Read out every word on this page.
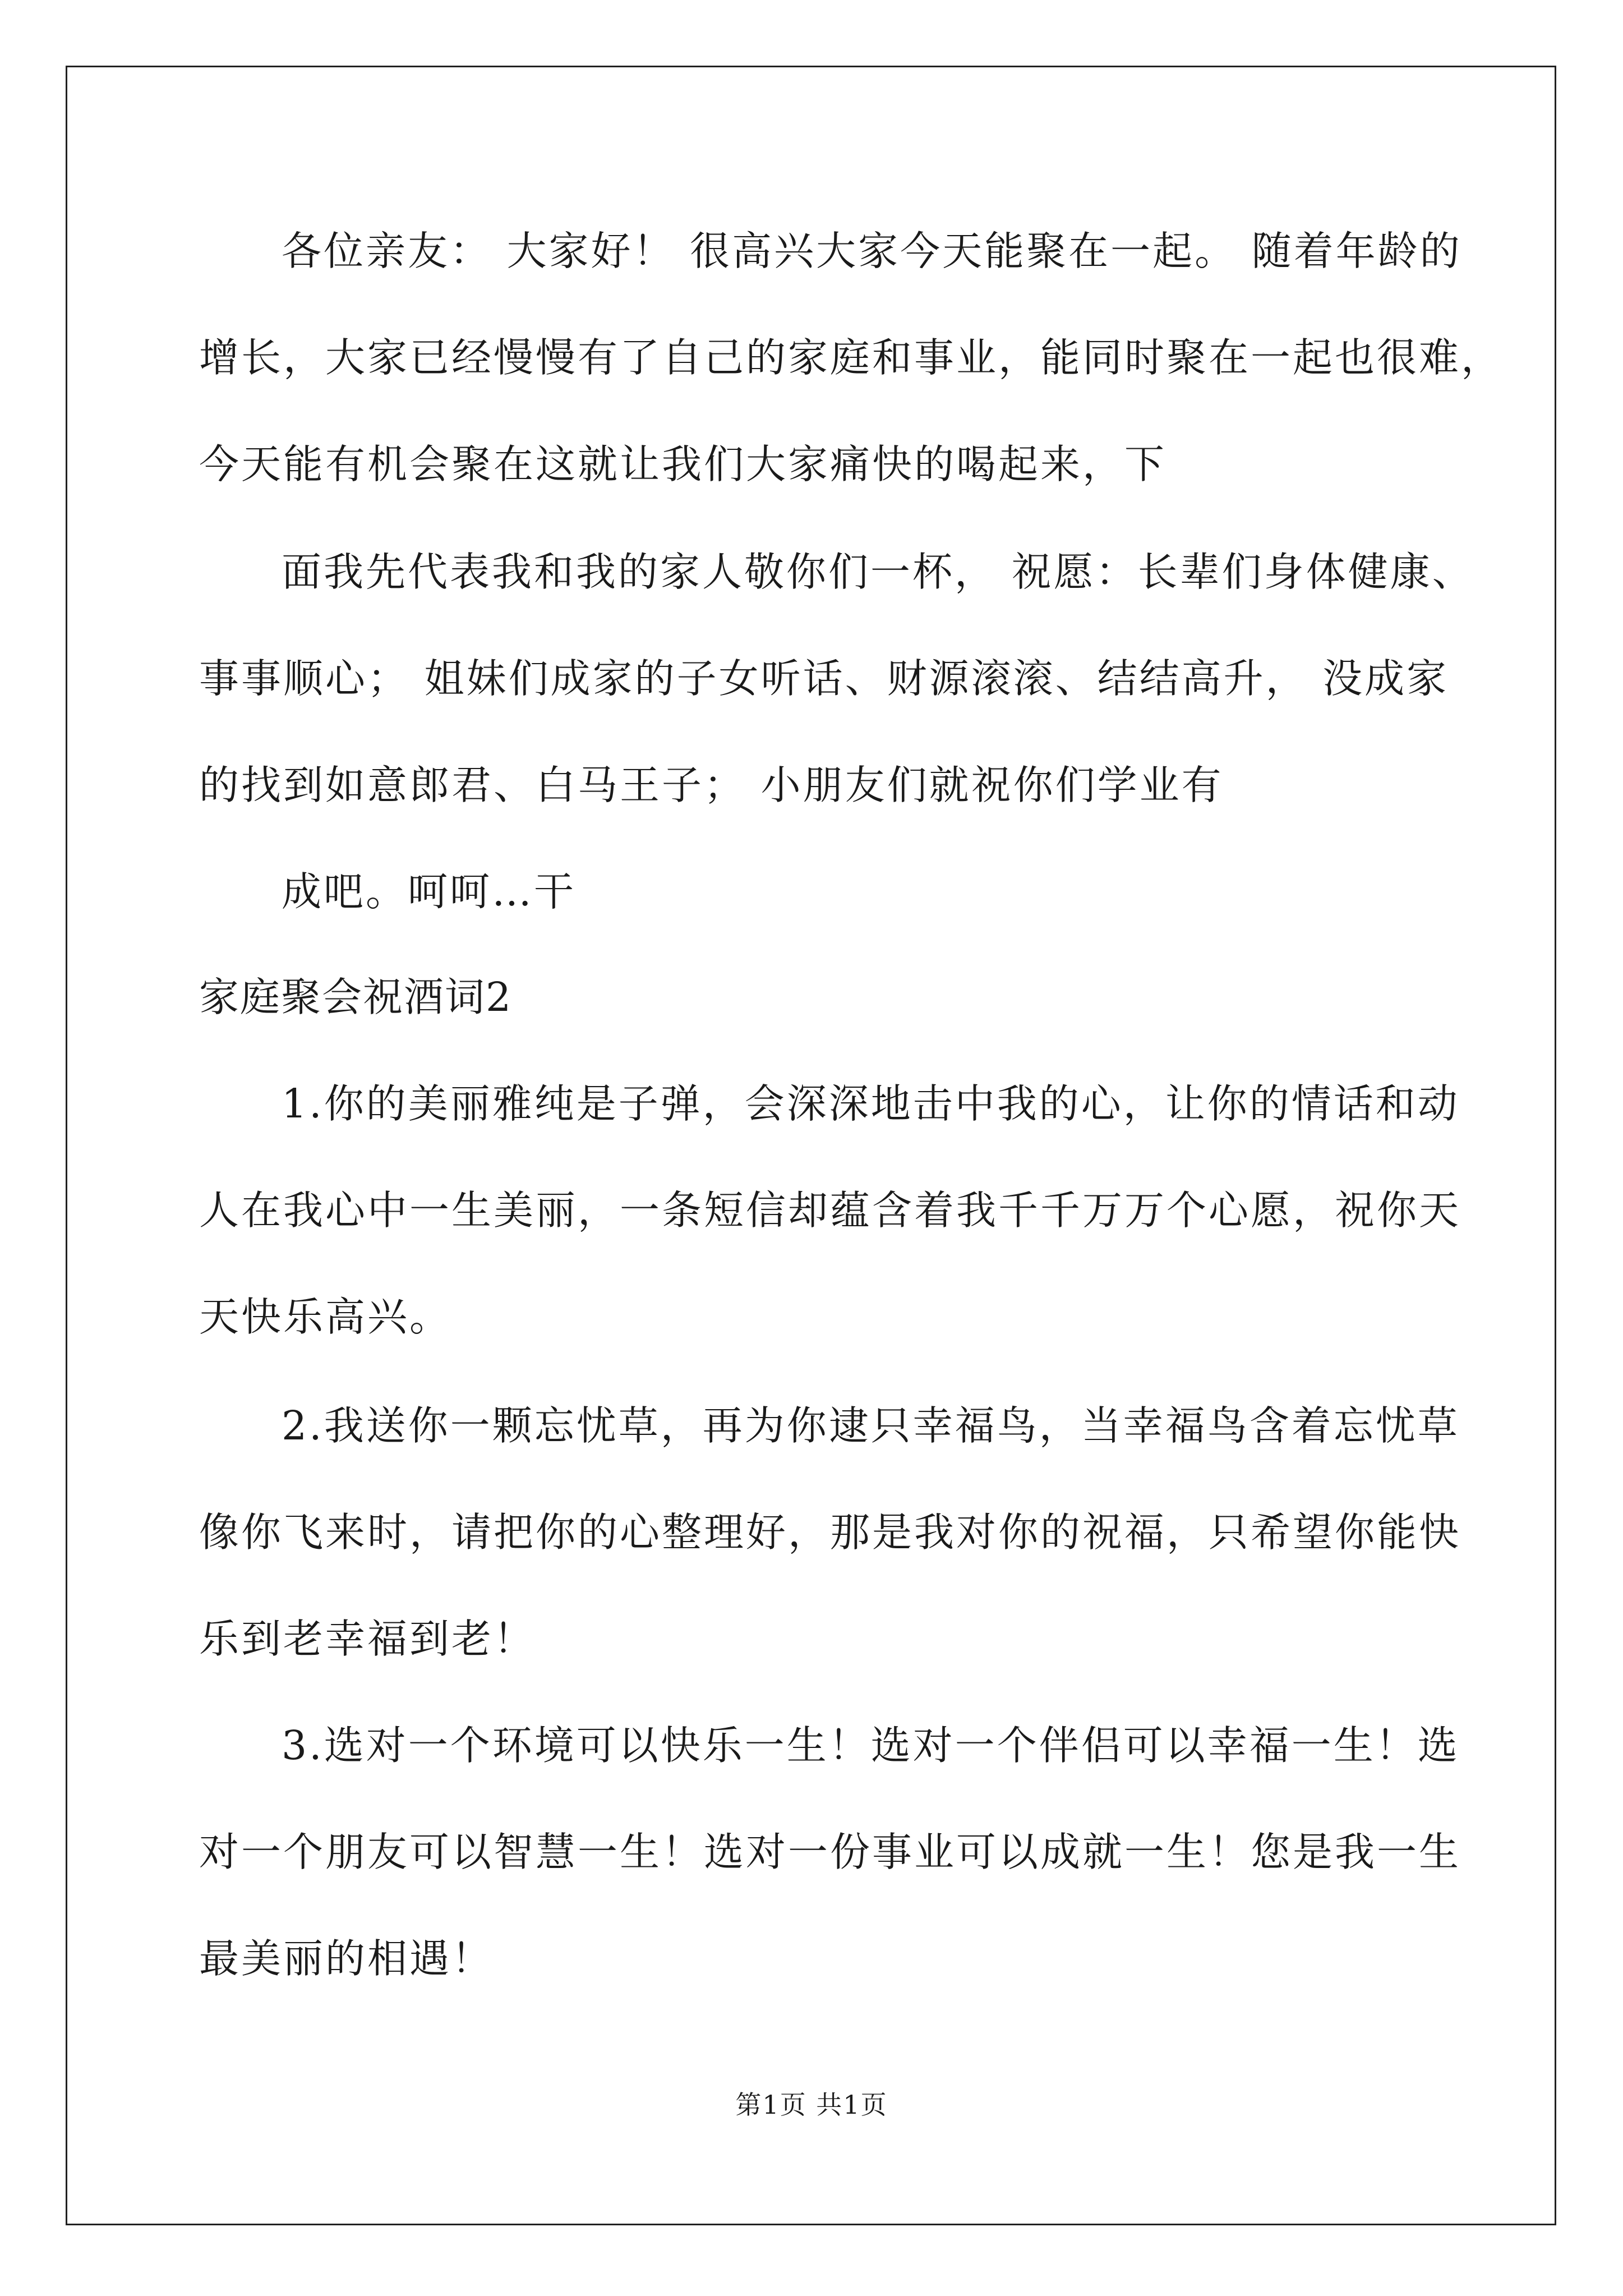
各位亲友： 大家好！ 很高兴大家今天能聚在一起。 随着年龄的

增长，大家已经慢慢有了自己的家庭和事业，能同时聚在一起也很难，

今天能有机会聚在这就让我们大家痛快的喝起来，下

面我先代表我和我的家人敬你们一杯， 祝愿：长辈们身体健康、

事事顺心； 姐妹们成家的子女听话、财源滚滚、结结高升， 没成家

的找到如意郎君、白马王子； 小朋友们就祝你们学业有

成吧。呵呵…干

家庭聚会祝酒词2

1.你的美丽雅纯是子弹，会深深地击中我的心，让你的情话和动

人在我心中一生美丽，一条短信却蕴含着我千千万万个心愿，祝你天

天快乐高兴。

2.我送你一颗忘忧草，再为你逮只幸福鸟，当幸福鸟含着忘忧草

像你飞来时，请把你的心整理好，那是我对你的祝福，只希望你能快

乐到老幸福到老！

3.选对一个环境可以快乐一生！选对一个伴侣可以幸福一生！选

对一个朋友可以智慧一生！选对一份事业可以成就一生！您是我一生

最美丽的相遇！

第1页 共1页
